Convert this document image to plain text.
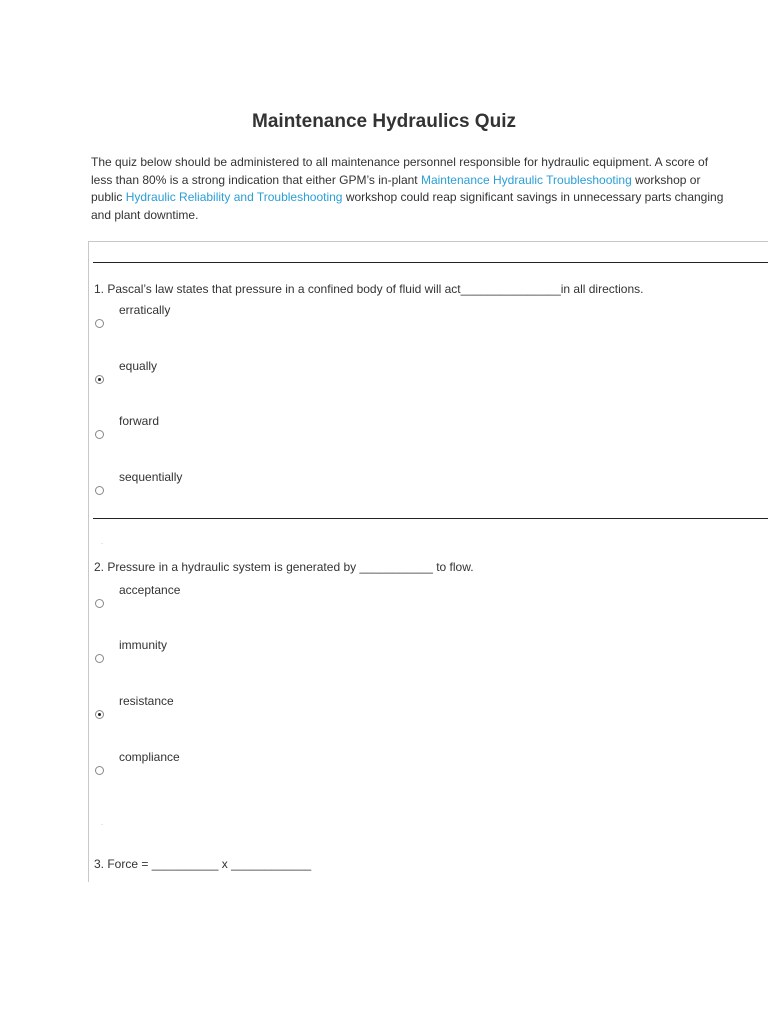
Maintenance Hydraulics Quiz

The quiz below should be administered to all maintenance personnel responsible for hydraulic equipment. A score of less than 80% is a strong indication that either GPM’s in-plant Maintenance Hydraulic Troubleshooting workshop or public Hydraulic Reliability and Troubleshooting workshop could reap significant savings in unnecessary parts changing and plant downtime.

1. Pascal’s law states that pressure in a confined body of fluid will act_______________in all directions.

erratically
equally
forward
sequentially
.

2. Pressure in a hydraulic system is generated by ___________ to flow.

acceptance
immunity
resistance
compliance
.

3. Force = __________ x ____________
